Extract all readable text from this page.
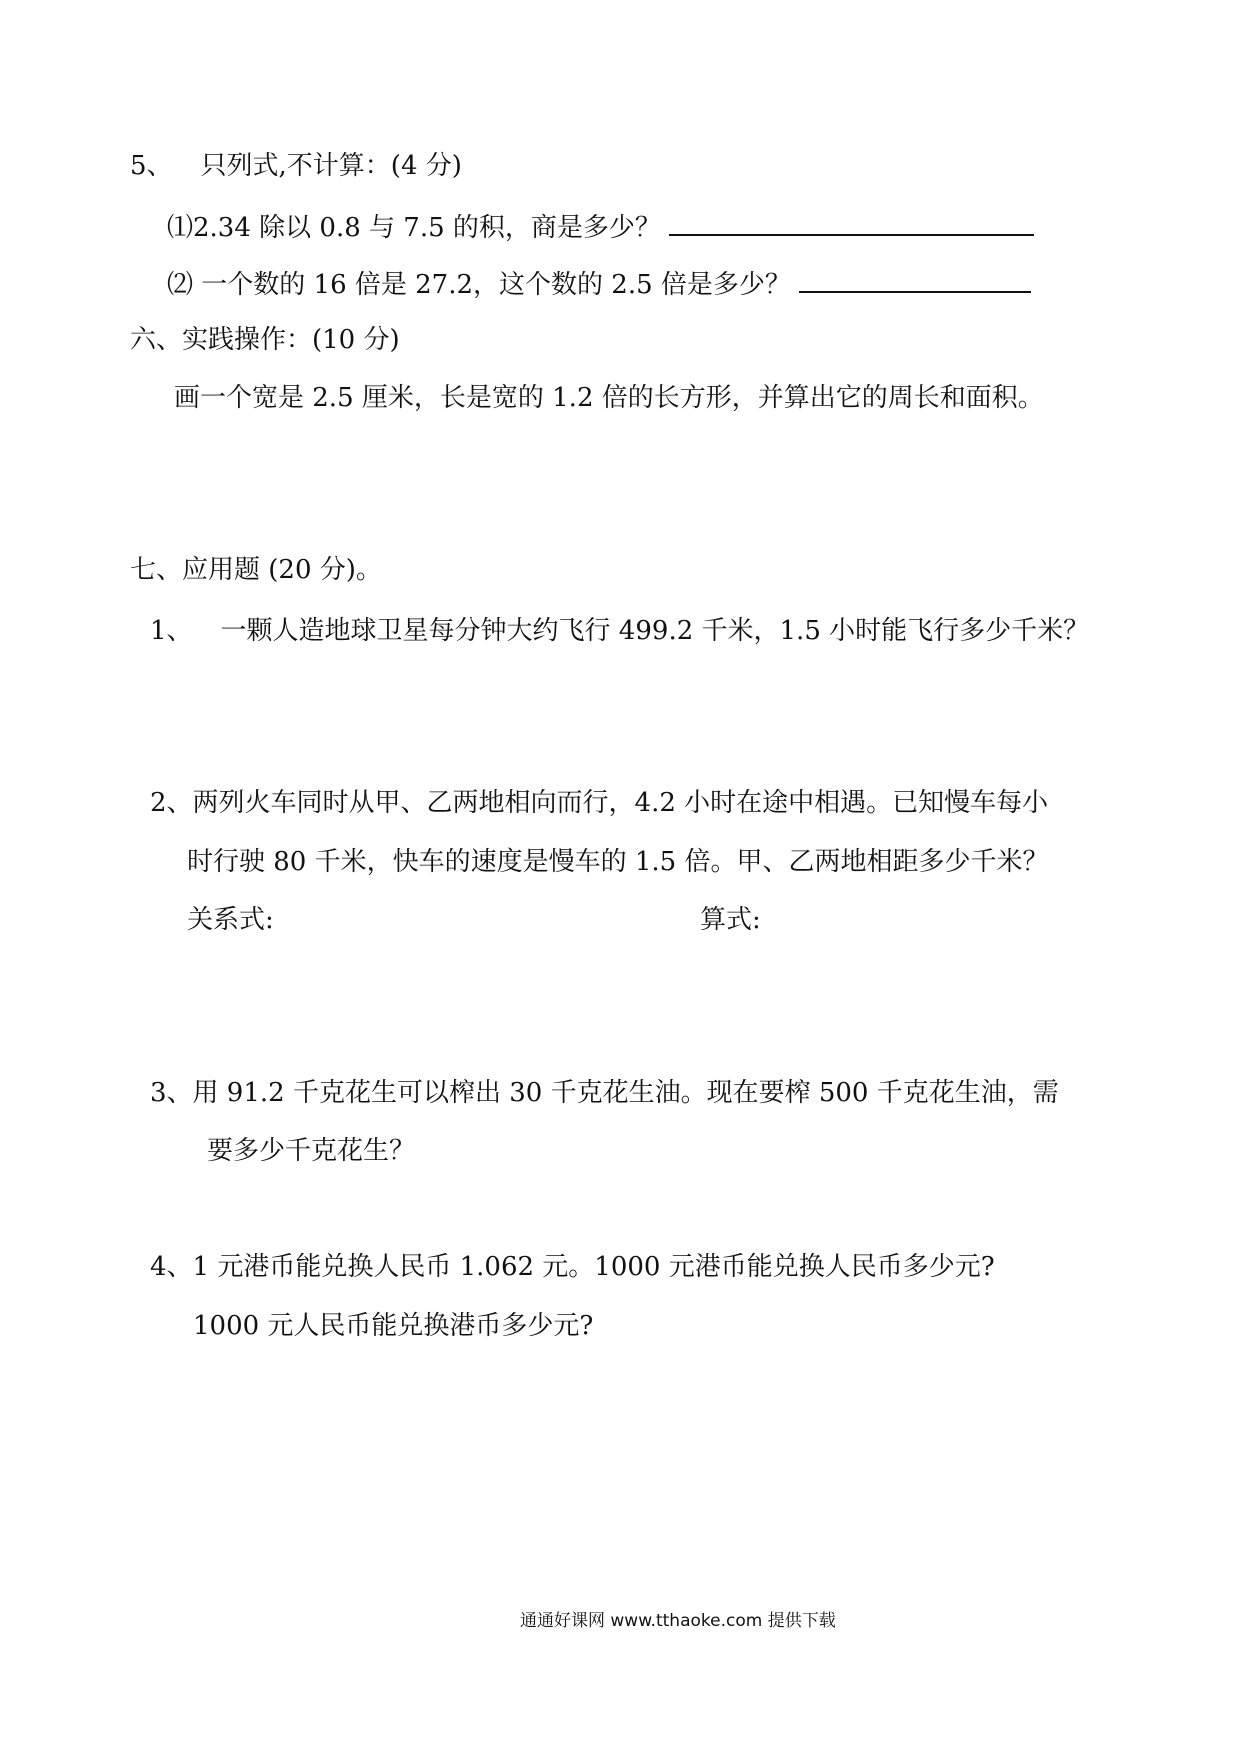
5、 只列式,不计算：(4 分)
⑴2.34 除以 0.8 与 7.5 的积，商是多少？
⑵ 一个数的 16 倍是 27.2，这个数的 2.5 倍是多少？
六、实践操作：(10 分)
画一个宽是 2.5 厘米，长是宽的 1.2 倍的长方形，并算出它的周长和面积。
七、应用题 (20 分)。
1、 一颗人造地球卫星每分钟大约飞行 499.2 千米，1.5 小时能飞行多少千米？
2、两列火车同时从甲、乙两地相向而行，4.2 小时在途中相遇。已知慢车每小
时行驶 80 千米，快车的速度是慢车的 1.5 倍。甲、乙两地相距多少千米？
关系式:	算式:
3、用 91.2 千克花生可以榨出 30 千克花生油。现在要榨 500 千克花生油，需
要多少千克花生？
4、1 元港币能兑换人民币 1.062 元。1000 元港币能兑换人民币多少元?
1000 元人民币能兑换港币多少元?
通通好课网 www.tthaoke.com 提供下载
